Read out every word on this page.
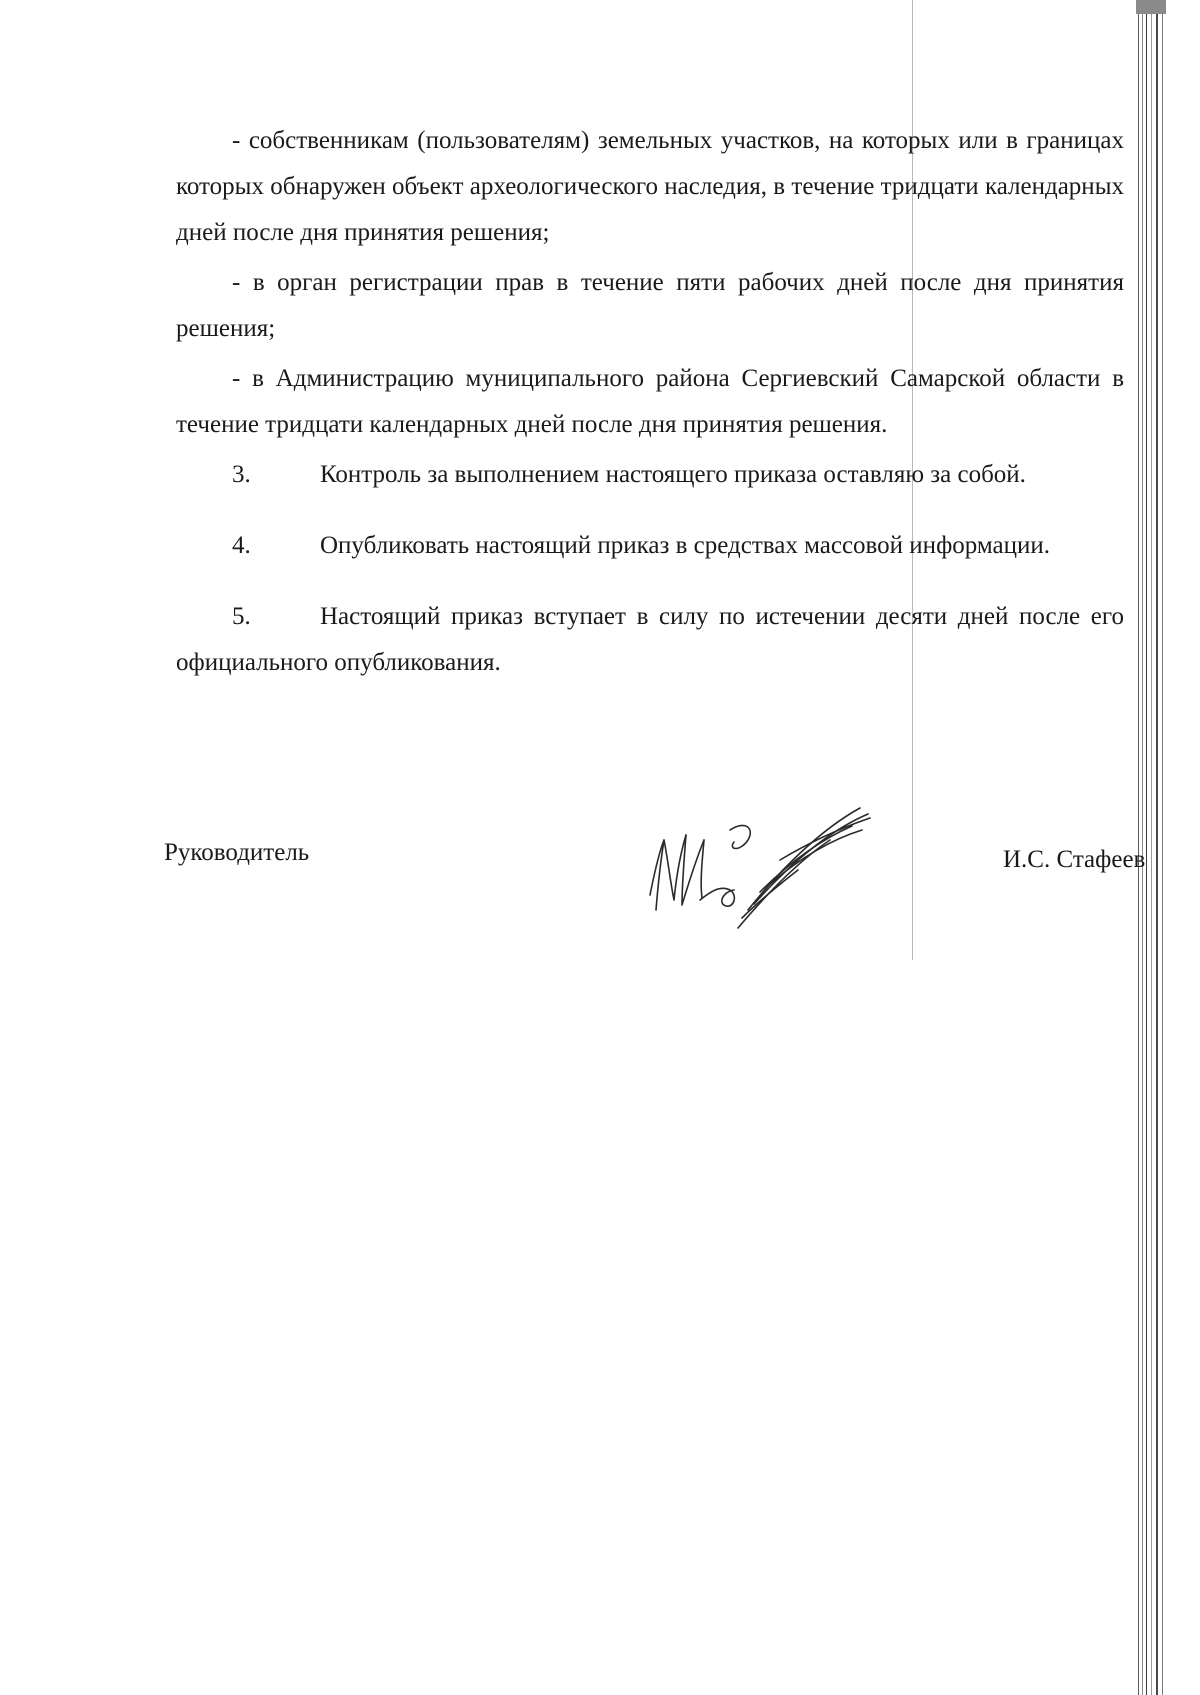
- собственникам (пользователям) земельных участков, на которых или в границах которых обнаружен объект археологического наследия, в течение тридцати календарных дней после дня принятия решения;

- в орган регистрации прав в течение пяти рабочих дней после дня принятия решения;

- в Администрацию муниципального района Сергиевский Самарской области в течение тридцати календарных дней после дня принятия решения.

3.	Контроль за выполнением настоящего приказа оставляю за собой.

4.	Опубликовать настоящий приказ в средствах массовой информации.

5.	Настоящий приказ вступает в силу по истечении десяти дней после его официального опубликования.

Руководитель	И.С. Стафеев
